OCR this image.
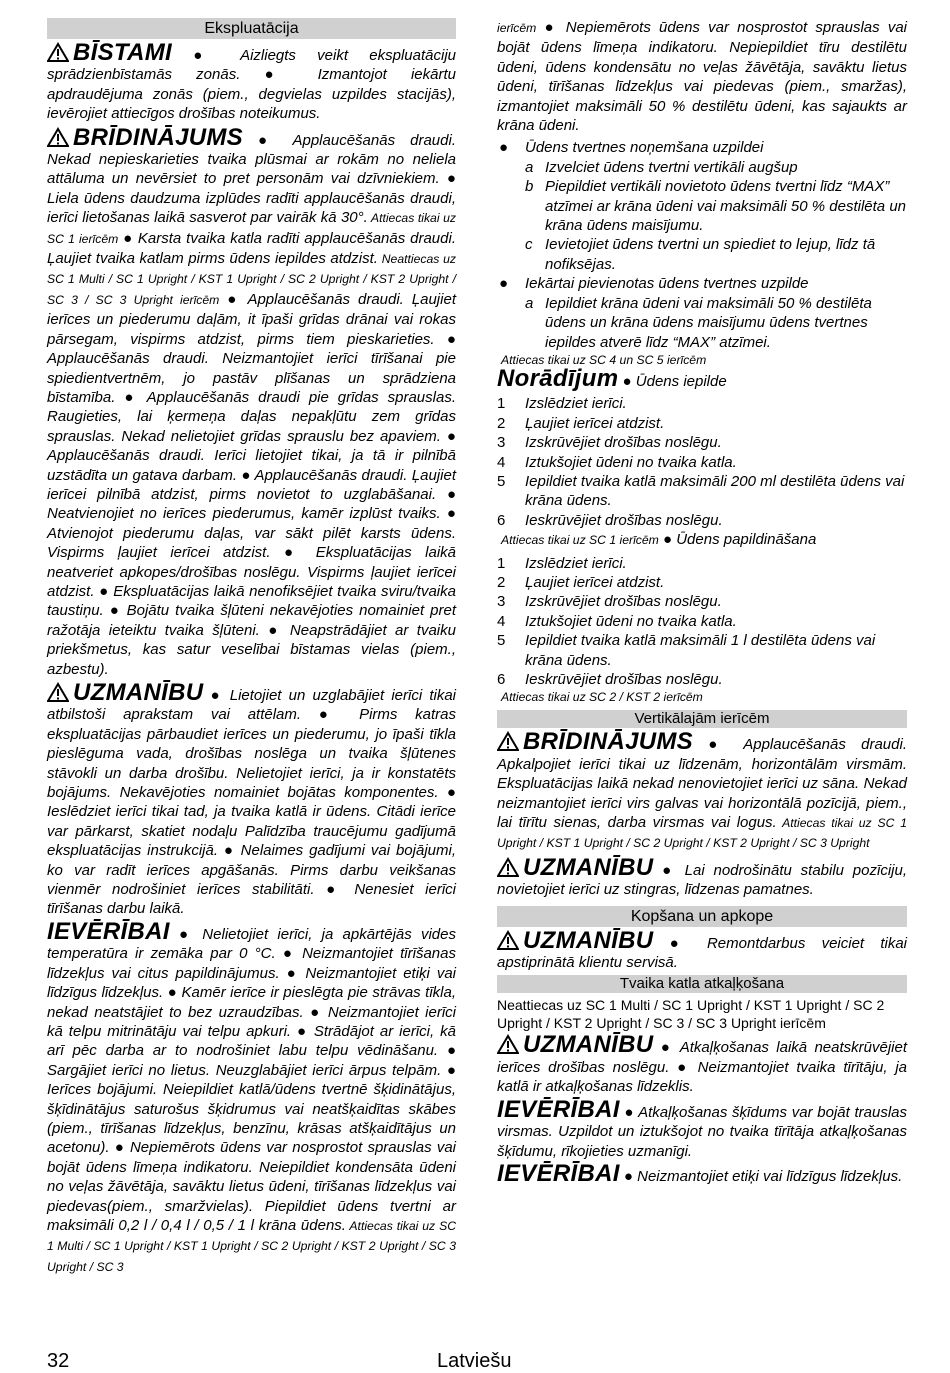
Ekspluatācija

BĪSTAMI ● Aizliegts veikt ekspluatāciju sprādzienbīstamās zonās. ● Izmantojot iekārtu apdraudējuma zonās (piem., degvielas uzpildes stacijās), ievērojiet attiecīgos drošības noteikumus.

BRĪDINĀJUMS ● Applaucēšanās draudi. Nekad nepieskarieties tvaika plūsmai ar rokām no neliela attāluma un nevērsiet to pret personām vai dzīvniekiem. ● Liela ūdens daudzuma izplūdes radīti applaucēšanās draudi, ierīci lietošanas laikā sasverot par vairāk kā 30°. Attiecas tikai uz SC 1 ierīcēm ● Karsta tvaika katla radīti applaucēšanās draudi. Ļaujiet tvaika katlam pirms ūdens iepildes atdzist. Neattiecas uz SC 1 Multi / SC 1 Upright / KST 1 Upright / SC 2 Upright / KST 2 Upright / SC 3 / SC 3 Upright ierīcēm ● Applaucēšanās draudi. Ļaujiet ierīces un piederumu daļām, it īpaši grīdas drānai vai rokas pārsegam, vispirms atdzist, pirms tiem pieskarieties. ● Applaucēšanās draudi. Neizmantojiet ierīci tīrīšanai pie spiedientvertnēm, jo pastāv plīšanas un sprādziena bīstamība. ● Applaucēšanās draudi pie grīdas sprauslas. Raugieties, lai ķermeņa daļas nepakļūtu zem grīdas sprauslas. Nekad nelietojiet grīdas sprauslu bez apaviem. ● Applaucēšanās draudi. Ierīci lietojiet tikai, ja tā ir pilnībā uzstādīta un gatava darbam. ● Applaucēšanās draudi. Ļaujiet ierīcei pilnībā atdzist, pirms novietot to uzglabāšanai. ● Neatvienojiet no ierīces piederumus, kamēr izplūst tvaiks. ● Atvienojot piederumu daļas, var sākt pilēt karsts ūdens. Vispirms ļaujiet ierīcei atdzist. ● Ekspluatācijas laikā neatveriet apkopes/drošības noslēgu. Vispirms ļaujiet ierīcei atdzist. ● Ekspluatācijas laikā nenofiksējiet tvaika sviru/tvaika taustiņu. ● Bojātu tvaika šļūteni nekavējoties nomainiet pret ražotāja ieteiktu tvaika šļūteni. ● Neapstrādājiet ar tvaiku priekšmetus, kas satur veselībai bīstamas vielas (piem., azbestu).

UZMANĪBU ● Lietojiet un uzglabājiet ierīci tikai atbilstoši aprakstam vai attēlam. ● Pirms katras ekspluatācijas pārbaudiet ierīces un piederumu, jo īpaši tīkla pieslēguma vada, drošības noslēga un tvaika šļūtenes stāvokli un darba drošību. Nelietojiet ierīci, ja ir konstatēts bojājums. Nekavējoties nomainiet bojātas komponentes. ● Ieslēdziet ierīci tikai tad, ja tvaika katlā ir ūdens. Citādi ierīce var pārkarst, skatiet nodaļu Palīdzība traucējumu gadījumā ekspluatācijas instrukcijā. ● Nelaimes gadījumi vai bojājumi, ko var radīt ierīces apgāšanās. Pirms darbu veikšanas vienmēr nodrošiniet ierīces stabilitāti. ● Nenesiet ierīci tīrīšanas darbu laikā.

IEVĒRĪBAI ● Nelietojiet ierīci, ja apkārtējās vides temperatūra ir zemāka par 0 °C. ● Neizmantojiet tīrīšanas līdzekļus vai citus papildinājumus. ● Neizmantojiet etiķi vai līdzīgus līdzekļus. ● Kamēr ierīce ir pieslēgta pie strāvas tīkla, nekad neatstājiet to bez uzraudzības. ● Neizmantojiet ierīci kā telpu mitrinātāju vai telpu apkuri. ● Strādājot ar ierīci, kā arī pēc darba ar to nodrošiniet labu telpu vēdināšanu. ● Sargājiet ierīci no lietus. Neuzglabājiet ierīci ārpus telpām. ● Ierīces bojājumi. Neiepildiet katlā/ūdens tvertnē šķidinātājus, šķīdinātājus saturošus šķidrumus vai neatšķaidītas skābes (piem., tīrīšanas līdzekļus, benzīnu, krāsas atšķaidītājus un acetonu). ● Nepiemērots ūdens var nosprostot sprauslas vai bojāt ūdens līmeņa indikatoru. Neiepildiet kondensāta ūdeni no veļas žāvētāja, savāktu lietus ūdeni, tīrīšanas līdzekļus vai piedevas(piem., smaržvielas). Piepildiet ūdens tvertni ar maksimāli 0,2 l / 0,4 l / 0,5 / 1 l krāna ūdens. Attiecas tikai uz SC 1 Multi / SC 1 Upright / KST 1 Upright / SC 2 Upright / KST 2 Upright / SC 3 Upright / SC 3

ierīcēm ● Nepiemērots ūdens var nosprostot sprauslas vai bojāt ūdens līmeņa indikatoru. Nepiepildiet tīru destilētu ūdeni, ūdens kondensātu no veļas žāvētāja, savāktu lietus ūdeni, tīrīšanas līdzekļus vai piedevas (piem., smaržas), izmantojiet maksimāli 50 % destilētu ūdeni, kas sajaukts ar krāna ūdeni.

● Ūdens tvertnes noņemšana uzpildei
a Izvelciet ūdens tvertni vertikāli augšup
b Piepildiet vertikāli novietoto ūdens tvertni līdz “MAX” atzīmei ar krāna ūdeni vai maksimāli 50 % destilēta un krāna ūdens maisījumu.
c Ievietojiet ūdens tvertni un spiediet to lejup, līdz tā nofiksējas.
● Iekārtai pievienotas ūdens tvertnes uzpilde
a Iepildiet krāna ūdeni vai maksimāli 50 % destilēta ūdens un krāna ūdens maisījumu ūdens tvertnes iepildes atverē līdz “MAX” atzīmei.

Attiecas tikai uz SC 4 un SC 5 ierīcēm

Norādījum ● Ūdens iepilde

1 Izslēdziet ierīci.
2 Ļaujiet ierīcei atdzist.
3 Izskrūvējiet drošības noslēgu.
4 Iztukšojiet ūdeni no tvaika katla.
5 Iepildiet tvaika katlā maksimāli 200 ml destilēta ūdens vai krāna ūdens.
6 Ieskrūvējiet drošības noslēgu.

Attiecas tikai uz SC 1 ierīcēm ● Ūdens papildināšana

1 Izslēdziet ierīci.
2 Ļaujiet ierīcei atdzist.
3 Izskrūvējiet drošības noslēgu.
4 Iztukšojiet ūdeni no tvaika katla.
5 Iepildiet tvaika katlā maksimāli 1 l destilēta ūdens vai krāna ūdens.
6 Ieskrūvējiet drošības noslēgu.

Attiecas tikai uz SC 2 / KST 2 ierīcēm

Vertikālajām ierīcēm

BRĪDINĀJUMS ● Applaucēšanās draudi. Apkalpojiet ierīci tikai uz līdzenām, horizontālām virsmām. Ekspluatācijas laikā nekad nenovietojiet ierīci uz sāna. Nekad neizmantojiet ierīci virs galvas vai horizontālā pozīcijā, piem., lai tīrītu sienas, darba virsmas vai logus. Attiecas tikai uz SC 1 Upright / KST 1 Upright / SC 2 Upright / KST 2 Upright / SC 3 Upright

UZMANĪBU ● Lai nodrošinātu stabilu pozīciju, novietojiet ierīci uz stingras, līdzenas pamatnes.

Kopšana un apkope

UZMANĪBU ● Remontdarbus veiciet tikai apstiprinātā klientu servisā.

Tvaika katla atkaļķošana

Neattiecas uz SC 1 Multi / SC 1 Upright / KST 1 Upright / SC 2 Upright / KST 2 Upright / SC 3 / SC 3 Upright ierīcēm

UZMANĪBU ● Atkaļķošanas laikā neatskrūvējiet ierīces drošības noslēgu. ● Neizmantojiet tvaika tīrītāju, ja katlā ir atkaļķošanas līdzeklis.

IEVĒRĪBAI ● Atkaļķošanas šķīdums var bojāt trauslas virsmas. Uzpildot un iztukšojot no tvaika tīrītāja atkaļķošanas šķīdumu, rīkojieties uzmanīgi.

IEVĒRĪBAI ● Neizmantojiet etiķi vai līdzīgus līdzekļus.

32	Latviešu
